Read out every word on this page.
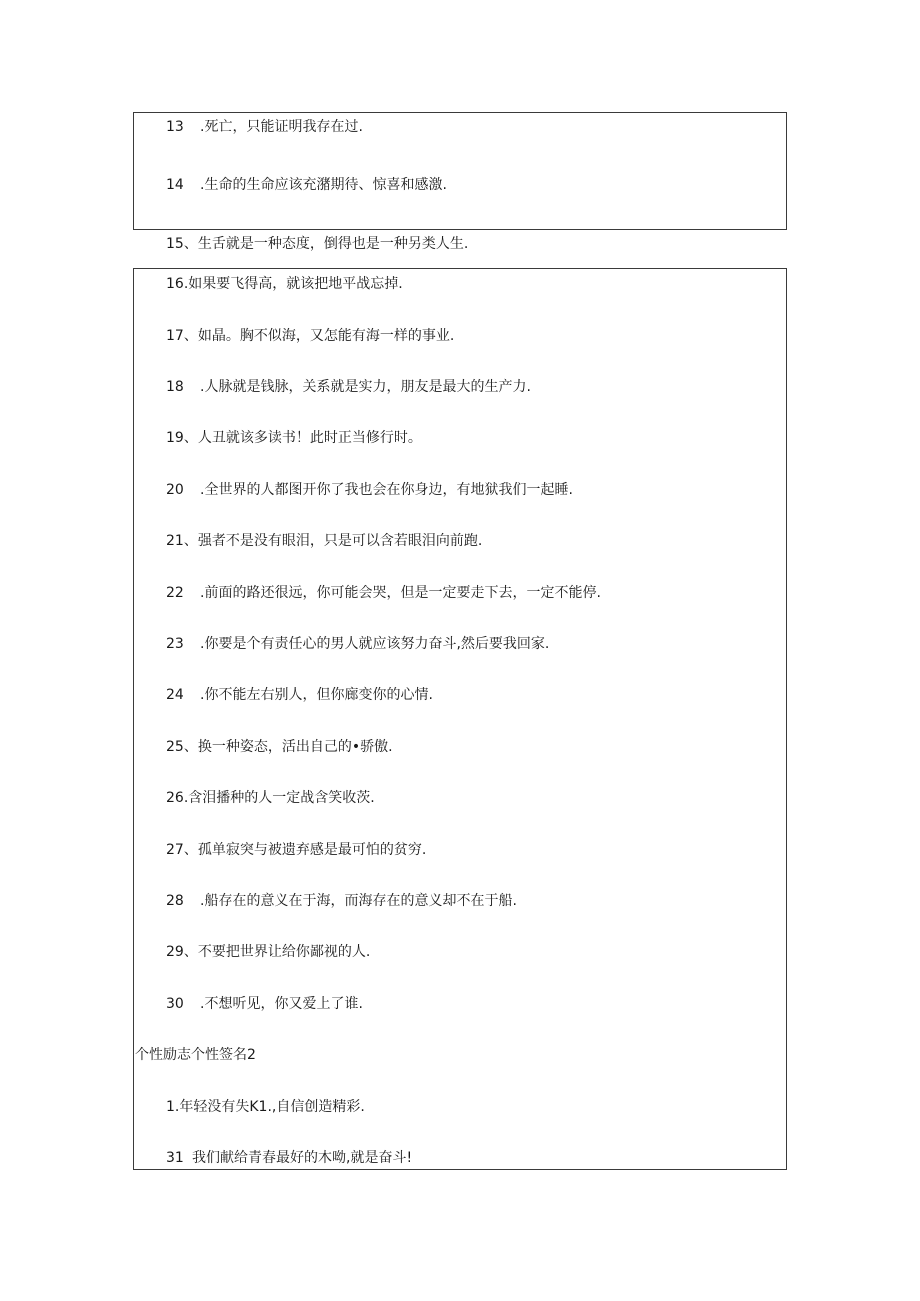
13 .死亡，只能证明我存在过.
14 .生命的生命应该充潴期待、惊喜和感激.
15、生舌就是一种态度，倒得也是一种另类人生.
16.如果要飞得高，就该把地平战忘掉.
17、如晶。胸不似海，又怎能有海一样的事业.
18 .人脉就是钱脉，关系就是实力，朋友是最大的生产力.
19、人丑就该多读书！此时正当修行时。
20 .全世界的人都图开你了我也会在你身边，有地狱我们一起睡.
21、强者不是没有眼泪，只是可以含若眼泪向前跑.
22 .前面的路还很远，你可能会哭，但是一定要走下去，一定不能停.
23 .你要是个有责任心的男人就应该努力奋斗,然后要我回家.
24 .你不能左右别人，但你廊变你的心情.
25、换一种姿态，活出自己的•骄傲.
26.含泪播种的人一定战含笑收茨.
27、孤单寂突与被遗弃感是最可怕的贫穷.
28 .船存在的意义在于海，而海存在的意义却不在于船.
29、不要把世界让给你鄙视的人.
30 .不想听见，你又爱上了谁.
个性励志个性签名2
1.年轻没有失K1.,自信创造精彩.
31 我们献给青春最好的木呦,就是奋斗!
